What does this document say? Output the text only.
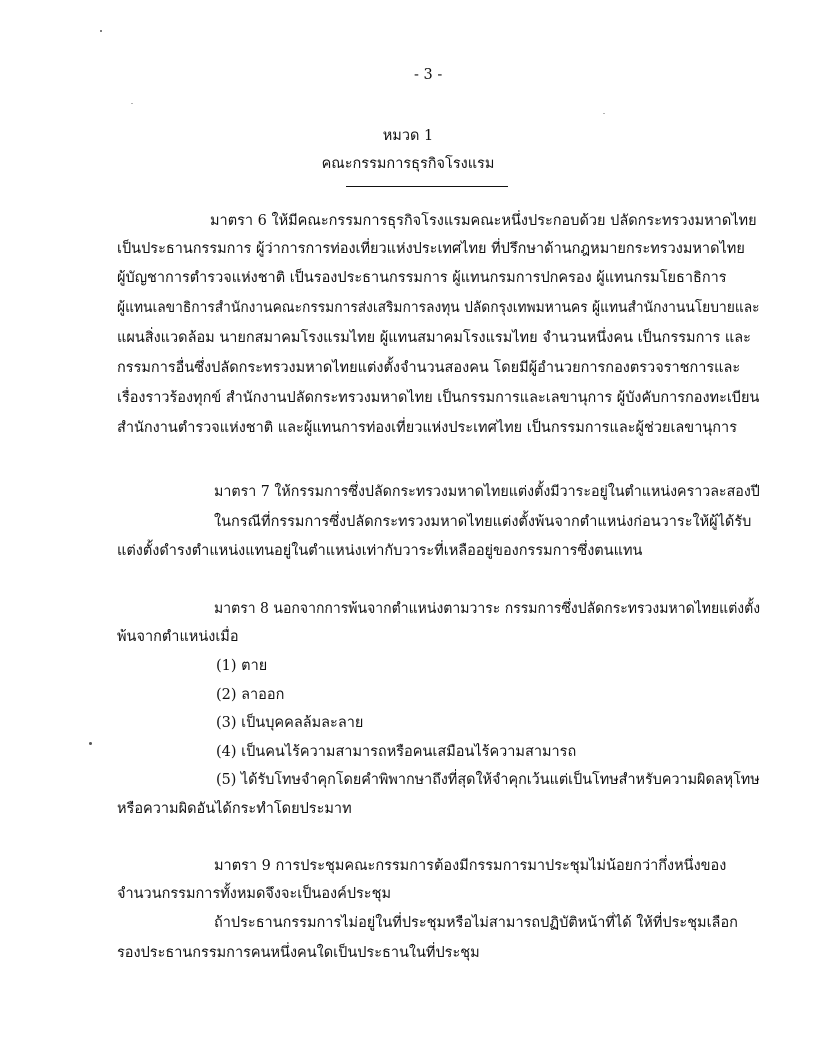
- 3 -
หมวด 1
คณะกรรมการธุรกิจโรงแรม
มาตรา 6 ให้มีคณะกรรมการธุรกิจโรงแรมคณะหนึ่งประกอบด้วย ปลัดกระทรวงมหาดไทย
เป็นประธานกรรมการ ผู้ว่าการการท่องเที่ยวแห่งประเทศไทย ที่ปรึกษาด้านกฎหมายกระทรวงมหาดไทย
ผู้บัญชาการตำรวจแห่งชาติ เป็นรองประธานกรรมการ ผู้แทนกรมการปกครอง ผู้แทนกรมโยธาธิการ
ผู้แทนเลขาธิการสำนักงานคณะกรรมการส่งเสริมการลงทุน ปลัดกรุงเทพมหานคร ผู้แทนสำนักงานนโยบายและ
แผนสิ่งแวดล้อม นายกสมาคมโรงแรมไทย ผู้แทนสมาคมโรงแรมไทย จำนวนหนึ่งคน เป็นกรรมการ และ
กรรมการอื่นซึ่งปลัดกระทรวงมหาดไทยแต่งตั้งจำนวนสองคน โดยมีผู้อำนวยการกองตรวจราชการและ
เรื่องราวร้องทุกข์ สำนักงานปลัดกระทรวงมหาดไทย เป็นกรรมการและเลขานุการ ผู้บังคับการกองทะเบียน
สำนักงานตำรวจแห่งชาติ และผู้แทนการท่องเที่ยวแห่งประเทศไทย เป็นกรรมการและผู้ช่วยเลขานุการ
มาตรา 7 ให้กรรมการซึ่งปลัดกระทรวงมหาดไทยแต่งตั้งมีวาระอยู่ในตำแหน่งคราวละสองปี
ในกรณีที่กรรมการซึ่งปลัดกระทรวงมหาดไทยแต่งตั้งพ้นจากตำแหน่งก่อนวาระให้ผู้ได้รับ
แต่งตั้งดำรงตำแหน่งแทนอยู่ในตำแหน่งเท่ากับวาระที่เหลืออยู่ของกรรมการซึ่งตนแทน
มาตรา 8 นอกจากการพ้นจากตำแหน่งตามวาระ กรรมการซึ่งปลัดกระทรวงมหาดไทยแต่งตั้ง
พ้นจากตำแหน่งเมื่อ
(1) ตาย
(2) ลาออก
(3) เป็นบุคคลล้มละลาย
(4) เป็นคนไร้ความสามารถหรือคนเสมือนไร้ความสามารถ
(5) ได้รับโทษจำคุกโดยคำพิพากษาถึงที่สุดให้จำคุกเว้นแต่เป็นโทษสำหรับความผิดลหุโทษ
หรือความผิดอันได้กระทำโดยประมาท
มาตรา 9 การประชุมคณะกรรมการต้องมีกรรมการมาประชุมไม่น้อยกว่ากึ่งหนึ่งของ
จำนวนกรรมการทั้งหมดจึงจะเป็นองค์ประชุม
ถ้าประธานกรรมการไม่อยู่ในที่ประชุมหรือไม่สามารถปฏิบัติหน้าที่ได้ ให้ที่ประชุมเลือก
รองประธานกรรมการคนหนึ่งคนใดเป็นประธานในที่ประชุม
